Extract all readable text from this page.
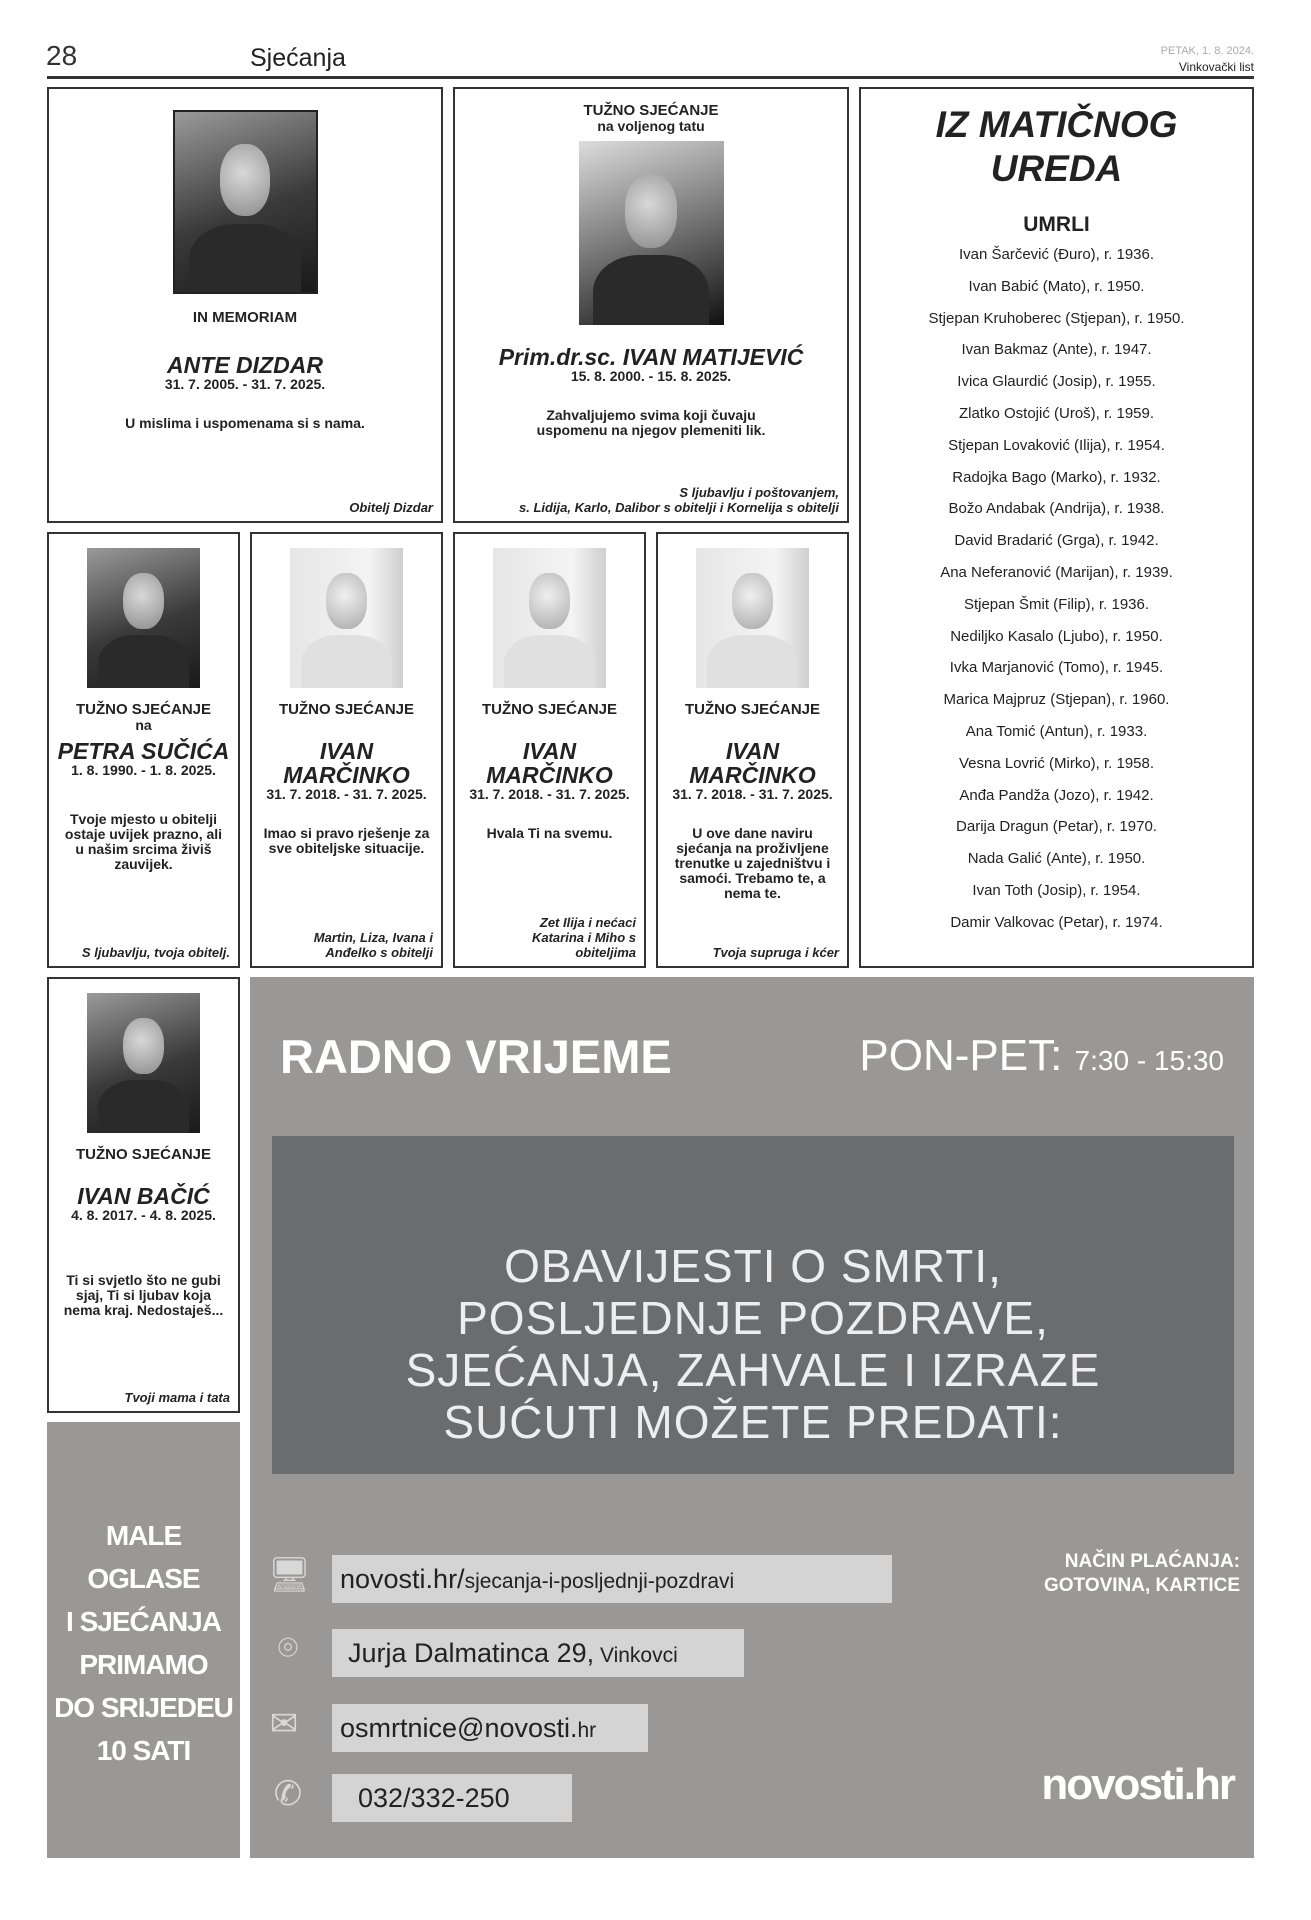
28	Sjećanja	PETAK, 1. 8. 2024.
Vinkovački list
IN MEMORIAM
ANTE DIZDAR
31. 7. 2005. - 31. 7. 2025.
U mislima i uspomenama si s nama.
Obitelj Dizdar
TUŽNO SJEĆANJE
na voljenog tatu
Prim.dr.sc. IVAN MATIJEVIĆ
15. 8. 2000. - 15. 8. 2025.
Zahvaljujemo svima koji čuvaju uspomenu na njegov plemeniti lik.
S ljubavlju i poštovanjem,
s. Lidija, Karlo, Dalibor s obitelji i Kornelija s obitelji
IZ MATIČNOG UREDA
UMRLI
Ivan Šarčević (Đuro), r. 1936.
Ivan Babić (Mato), r. 1950.
Stjepan Kruhoberec (Stjepan), r. 1950.
Ivan Bakmaz (Ante), r. 1947.
Ivica Glaurdić (Josip), r. 1955.
Zlatko Ostojić (Uroš), r. 1959.
Stjepan Lovaković (Ilija), r. 1954.
Radojka Bago (Marko), r. 1932.
Božo Andabak (Andrija), r. 1938.
David Bradarić (Grga), r. 1942.
Ana Neferanović (Marijan), r. 1939.
Stjepan Šmit (Filip), r. 1936.
Nediljko Kasalo (Ljubo), r. 1950.
Ivka Marjanović (Tomo), r. 1945.
Marica Majpruz (Stjepan), r. 1960.
Ana Tomić (Antun), r. 1933.
Vesna Lovrić (Mirko), r. 1958.
Anđa Pandža (Jozo), r. 1942.
Darija Dragun (Petar), r. 1970.
Nada Galić (Ante), r. 1950.
Ivan Toth (Josip), r. 1954.
Damir Valkovac (Petar), r. 1974.
TUŽNO SJEĆANJE
na
PETRA SUČIĆA
1. 8. 1990. - 1. 8. 2025.
Tvoje mjesto u obitelji ostaje uvijek prazno, ali u našim srcima živiš zauvijek.
S ljubavlju, tvoja obitelj.
TUŽNO SJEĆANJE
IVAN MARČINKO
31. 7. 2018. - 31. 7. 2025.
Imao si pravo rješenje za sve obiteljske situacije.
Martin, Liza, Ivana i Anđelko s obitelji
TUŽNO SJEĆANJE
IVAN MARČINKO
31. 7. 2018. - 31. 7. 2025.
Hvala Ti na svemu.
Zet Ilija i nećaci Katarina i Miho s obiteljima
TUŽNO SJEĆANJE
IVAN MARČINKO
31. 7. 2018. - 31. 7. 2025.
U ove dane naviru sjećanja na proživljene trenutke u zajedništvu i samoći. Trebamo te, a nema te.
Tvoja supruga i kćer
TUŽNO SJEĆANJE
IVAN BAČIĆ
4. 8. 2017. - 4. 8. 2025.
Ti si svjetlo što ne gubi sjaj, Ti si ljubav koja nema kraj. Nedostaješ...
Tvoji mama i tata
MALE
OGLASE
I SJEĆANJA
PRIMAMO
DO SRIJEDEU
10 SATI
RADNO VRIJEME	PON-PET: 7:30 - 15:30
OBAVIJESTI O SMRTI, POSLJEDNJE POZDRAVE, SJEĆANJA, ZAHVALE I IZRAZE SUĆUTI MOŽETE PREDATI:
🖥 novosti.hr/sjecanja-i-posljednji-pozdravi
⌾	Jurja Dalmatinca 29, Vinkovci
✉ osmrtnice@novosti.hr
✆	032/332-250
NAČIN PLAĆANJA:
GOTOVINA, KARTICE
novosti.hr
